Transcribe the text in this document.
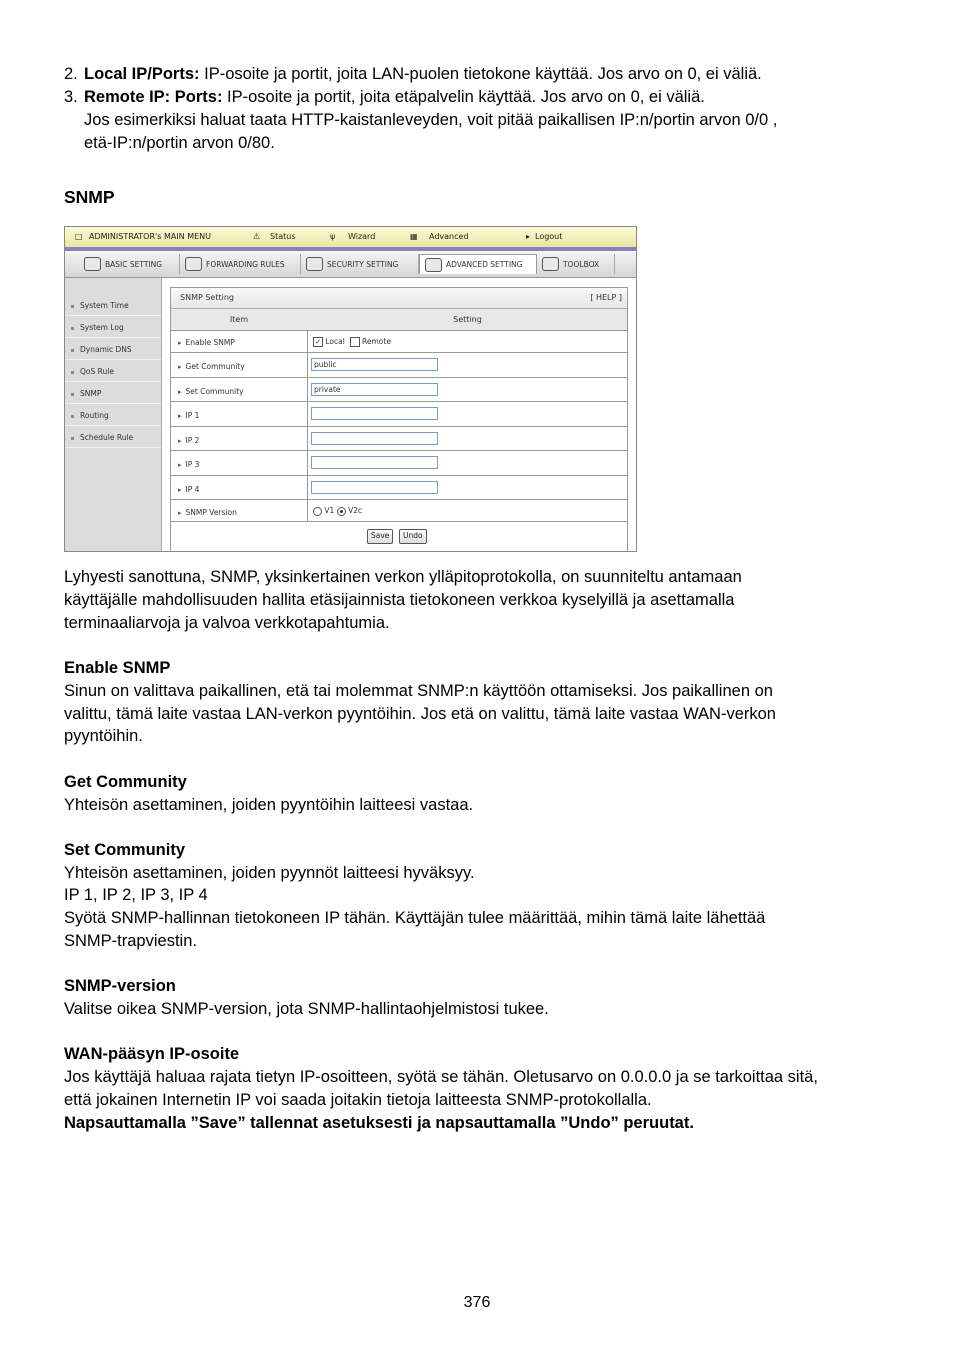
2. Local IP/Ports: IP-osoite ja portit, joita LAN-puolen tietokone käyttää. Jos arvo on 0, ei väliä.
3. Remote IP: Ports: IP-osoite ja portit, joita etäpalvelin käyttää. Jos arvo on 0, ei väliä.
Jos esimerkiksi haluat taata HTTP-kaistanleveyden, voit pitää paikallisen IP:n/portin arvon 0/0 ,
etä-IP:n/portin arvon 0/80.
SNMP
□ ADMINISTRATOR's MAIN MENU	⚠ Status	ψ Wizard	▦ Advanced	▸ Logout
BASIC SETTING	FORWARDING RULES	SECURITY SETTING	ADVANCED SETTING	TOOLBOX
System Time
System Log
Dynamic DNS
QoS Rule
SNMP
Routing
Schedule Rule
SNMP Setting	[ HELP ]
Item	Setting
▸ Enable SNMP	✓ Local Remote
▸ Get Community	public
▸ Set Community	private
▸ IP 1
▸ IP 2
▸ IP 3
▸ IP 4
▸ SNMP Version	V1 V2c
Save	Undo
Lyhyesti sanottuna, SNMP, yksinkertainen verkon ylläpitoprotokolla, on suunniteltu antamaan
käyttäjälle mahdollisuuden hallita etäsijainnista tietokoneen verkkoa kyselyillä ja asettamalla
terminaaliarvoja ja valvoa verkkotapahtumia.
Enable SNMP
Sinun on valittava paikallinen, etä tai molemmat SNMP:n käyttöön ottamiseksi. Jos paikallinen on
valittu, tämä laite vastaa LAN-verkon pyyntöihin. Jos etä on valittu, tämä laite vastaa WAN-verkon
pyyntöihin.
Get Community
Yhteisön asettaminen, joiden pyyntöihin laitteesi vastaa.
Set Community
Yhteisön asettaminen, joiden pyynnöt laitteesi hyväksyy.
IP 1, IP 2, IP 3, IP 4
Syötä SNMP-hallinnan tietokoneen IP tähän. Käyttäjän tulee määrittää, mihin tämä laite lähettää
SNMP-trapviestin.
SNMP-version
Valitse oikea SNMP-version, jota SNMP-hallintaohjelmistosi tukee.
WAN-pääsyn IP-osoite
Jos käyttäjä haluaa rajata tietyn IP-osoitteen, syötä se tähän. Oletusarvo on 0.0.0.0 ja se tarkoittaa sitä,
että jokainen Internetin IP voi saada joitakin tietoja laitteesta SNMP-protokollalla.
Napsauttamalla ”Save” tallennat asetuksesti ja napsauttamalla ”Undo” peruutat.
376
